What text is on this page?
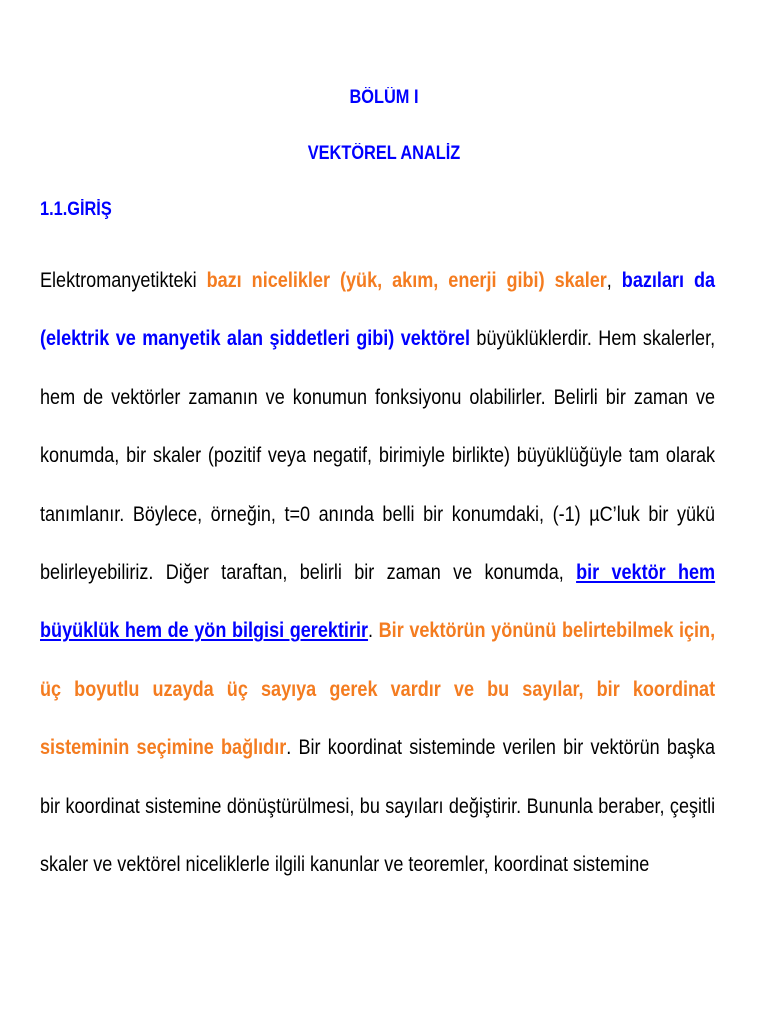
BÖLÜM I
VEKTÖREL ANALİZ
1.1.GİRİŞ

Elektromanyetikteki bazı nicelikler (yük, akım, enerji gibi) skaler, bazıları da (elektrik ve manyetik alan şiddetleri gibi) vektörel büyüklüklerdir. Hem skalerler, hem de vektörler zamanın ve konumun fonksiyonu olabilirler. Belirli bir zaman ve konumda, bir skaler (pozitif veya negatif, birimiyle birlikte) büyüklüğüyle tam olarak tanımlanır. Böylece, örneğin, t=0 anında belli bir konumdaki, (-1) µC’luk bir yükü belirleyebiliriz. Diğer taraftan, belirli bir zaman ve konumda, bir vektör hem büyüklük hem de yön bilgisi gerektirir. Bir vektörün yönünü belirtebilmek için, üç boyutlu uzayda üç sayıya gerek vardır ve bu sayılar, bir koordinat sisteminin seçimine bağlıdır. Bir koordinat sisteminde verilen bir vektörün başka bir koordinat sistemine dönüştürülmesi, bu sayıları değiştirir. Bununla beraber, çeşitli skaler ve vektörel niceliklerle ilgili kanunlar ve teoremler, koordinat sistemine
